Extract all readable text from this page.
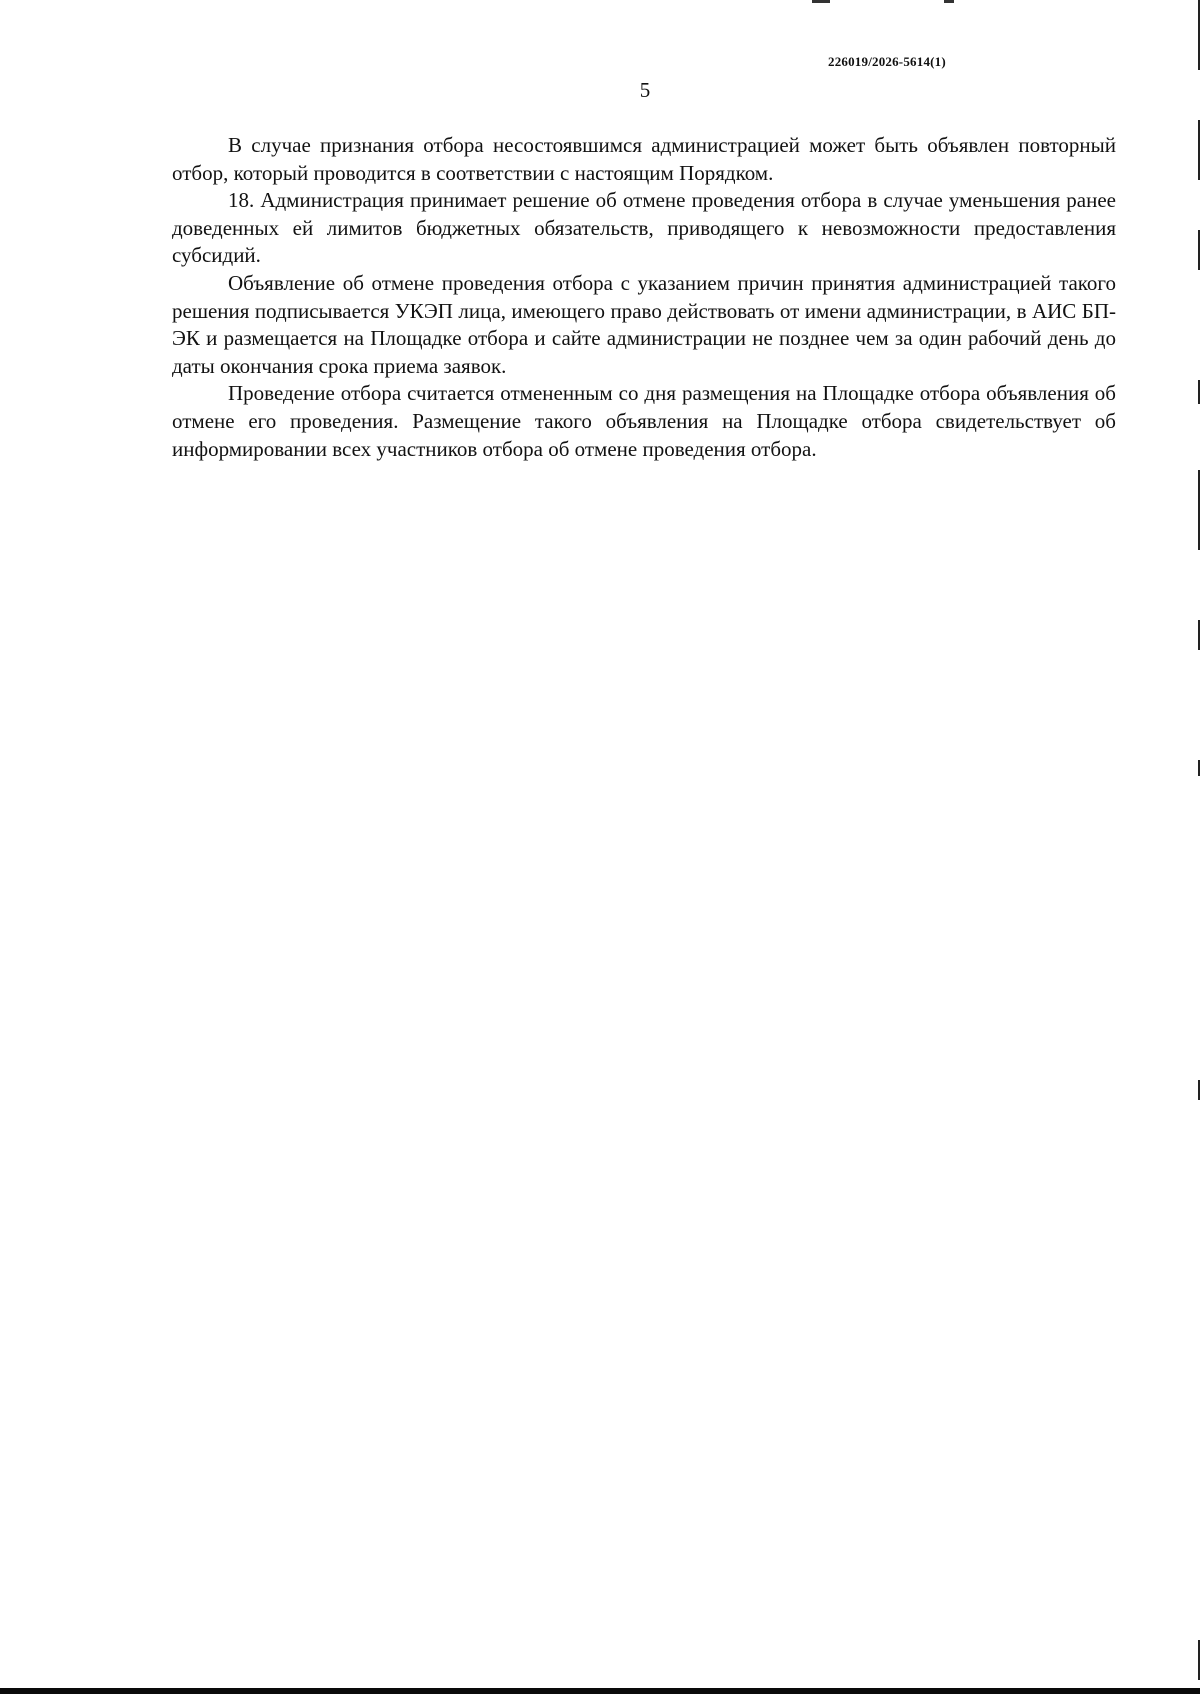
226019/2026-5614(1)
5

В случае признания отбора несостоявшимся администрацией может быть объявлен повторный отбор, который проводится в соответствии с настоящим Порядком.

18. Администрация принимает решение об отмене проведения отбора в случае уменьшения ранее доведенных ей лимитов бюджетных обязательств, приводящего к невозможности предоставления субсидий.

Объявление об отмене проведения отбора с указанием причин принятия администрацией такого решения подписывается УКЭП лица, имеющего право действовать от имени администрации, в АИС БП-ЭК и размещается на Площадке отбора и сайте администрации не позднее чем за один рабочий день до даты окончания срока приема заявок.

Проведение отбора считается отмененным со дня размещения на Площадке отбора объявления об отмене его проведения. Размещение такого объявления на Площадке отбора свидетельствует об информировании всех участников отбора об отмене проведения отбора.
